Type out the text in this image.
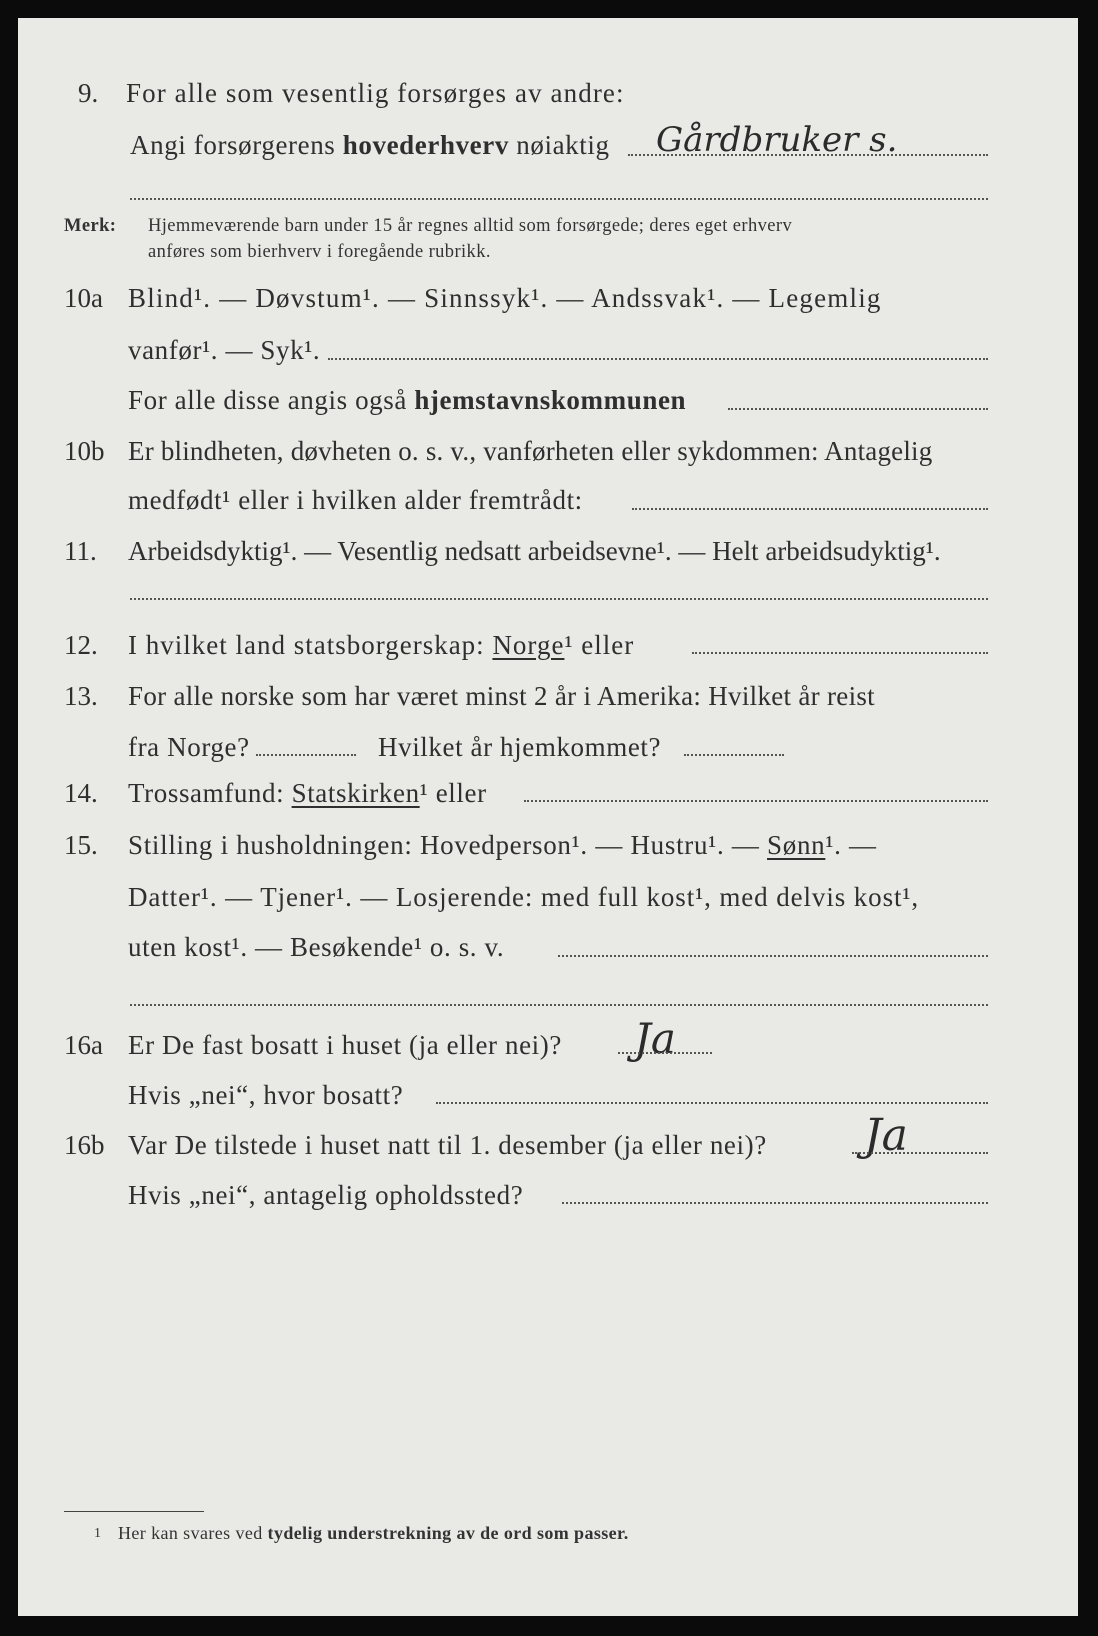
9. For alle som vesentlig forsørges av andre:
Angi forsørgerens hovederhverv nøiaktig Gårdbruker s.
Merk: Hjemmeværende barn under 15 år regnes alltid som forsørgede; deres eget erhverv
anføres som bierhverv i foregående rubrikk.
10a Blind¹. — Døvstum¹. — Sinnssyk¹. — Andssvak¹. — Legemlig
vanfør¹. — Syk¹.
For alle disse angis også hjemstavnskommunen
10b Er blindheten, døvheten o. s. v., vanførheten eller sykdommen: Antagelig
medfødt¹ eller i hvilken alder fremtrådt:
11. Arbeidsdyktig¹. — Vesentlig nedsatt arbeidsevne¹. — Helt arbeidsudyktig¹.
12. I hvilket land statsborgerskap: Norge¹ eller
13. For alle norske som har været minst 2 år i Amerika: Hvilket år reist
fra Norge?	Hvilket år hjemkommet?
14. Trossamfund: Statskirken¹ eller
15. Stilling i husholdningen: Hovedperson¹. — Hustru¹. — Sønn¹. —
Datter¹. — Tjener¹. — Losjerende: med full kost¹, med delvis kost¹,
uten kost¹. — Besøkende¹ o. s. v.
16a Er De fast bosatt i huset (ja eller nei)? Ja
Hvis „nei“, hvor bosatt?
16b Var De tilstede i huset natt til 1. desember (ja eller nei)? Ja
Hvis „nei“, antagelig opholdssted?
1 Her kan svares ved tydelig understrekning av de ord som passer.
